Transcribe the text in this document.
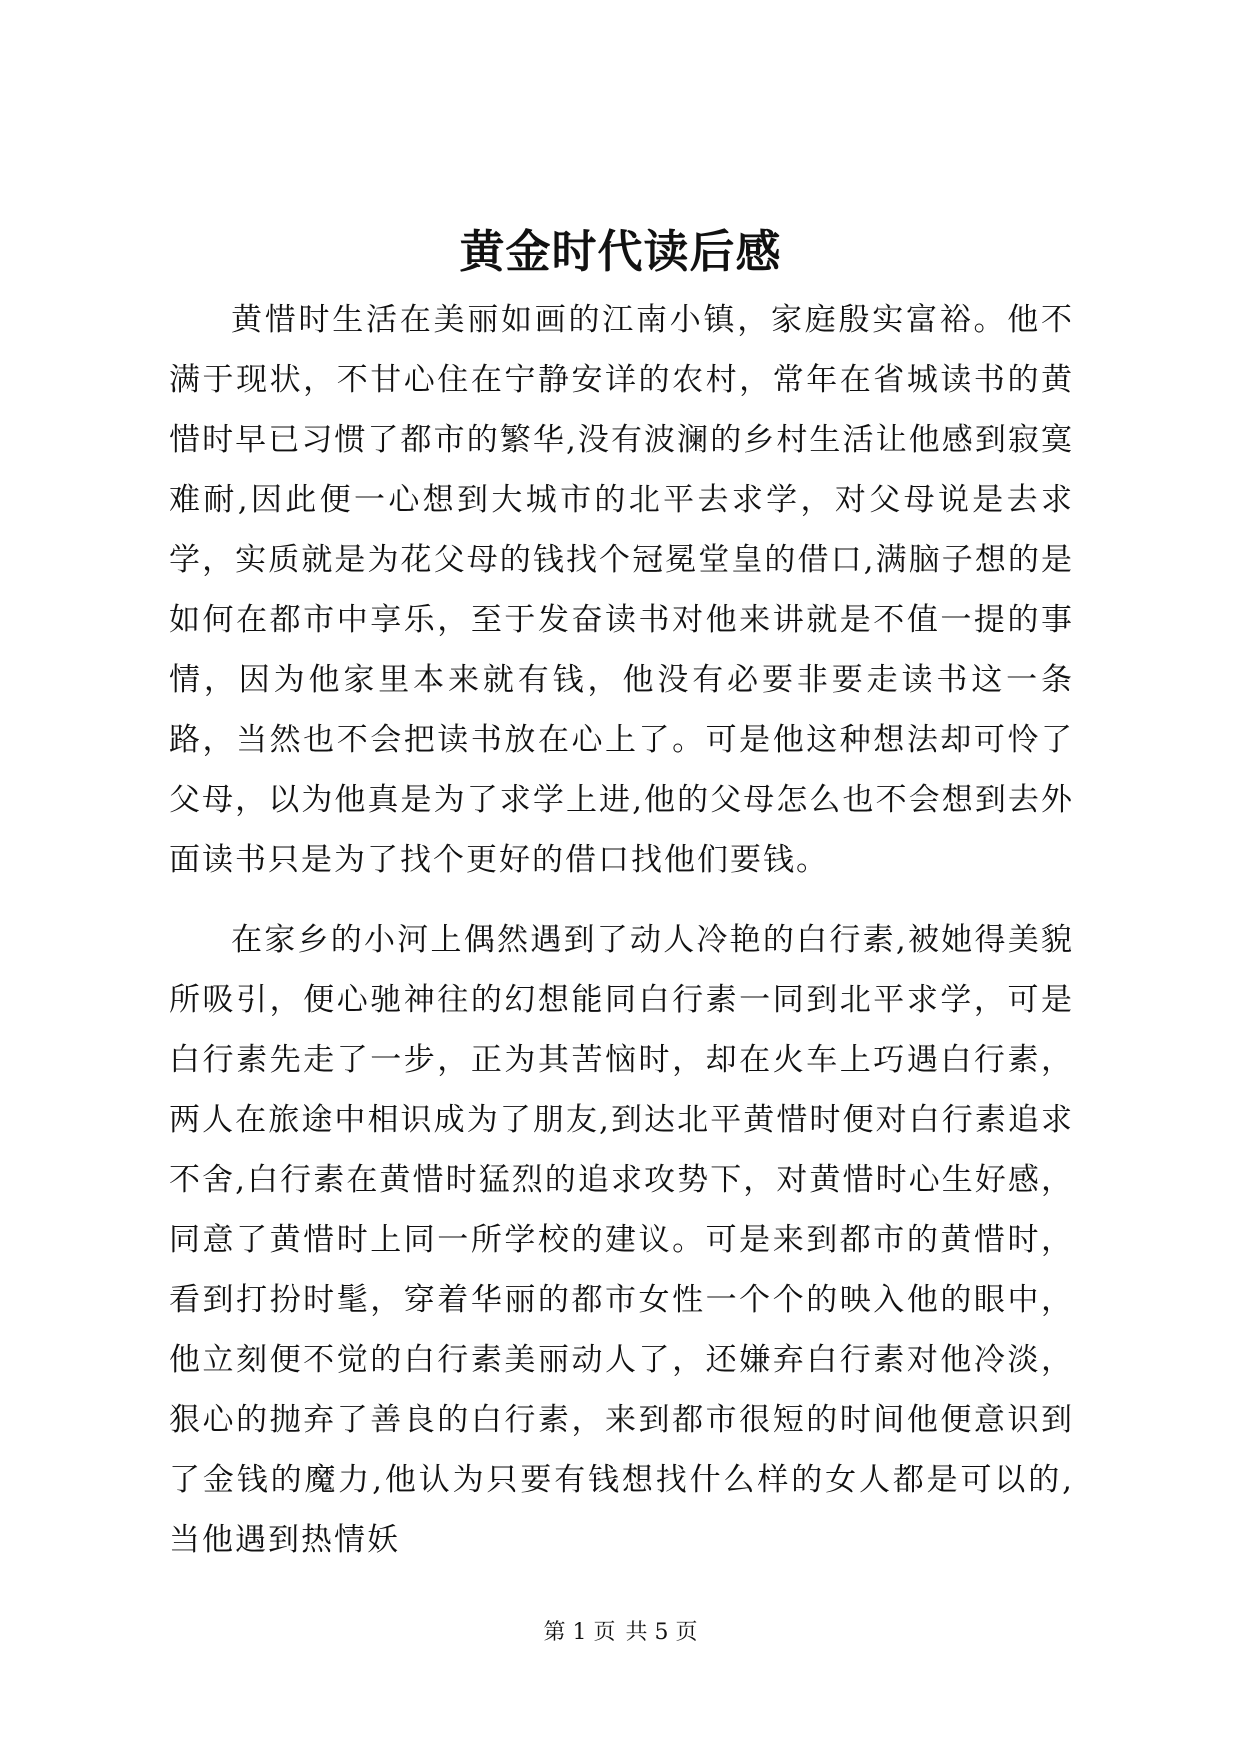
黄金时代读后感

黄惜时生活在美丽如画的江南小镇，家庭殷实富裕。他不满于现状，不甘心住在宁静安详的农村，常年在省城读书的黄惜时早已习惯了都市的繁华,没有波澜的乡村生活让他感到寂寞难耐,因此便一心想到大城市的北平去求学，对父母说是去求学，实质就是为花父母的钱找个冠冕堂皇的借口,满脑子想的是如何在都市中享乐，至于发奋读书对他来讲就是不值一提的事情，因为他家里本来就有钱，他没有必要非要走读书这一条路，当然也不会把读书放在心上了。可是他这种想法却可怜了父母，以为他真是为了求学上进,他的父母怎么也不会想到去外面读书只是为了找个更好的借口找他们要钱。

在家乡的小河上偶然遇到了动人冷艳的白行素,被她得美貌所吸引，便心驰神往的幻想能同白行素一同到北平求学，可是白行素先走了一步，正为其苦恼时，却在火车上巧遇白行素，两人在旅途中相识成为了朋友,到达北平黄惜时便对白行素追求不舍,白行素在黄惜时猛烈的追求攻势下，对黄惜时心生好感，同意了黄惜时上同一所学校的建议。可是来到都市的黄惜时，看到打扮时髦，穿着华丽的都市女性一个个的映入他的眼中，他立刻便不觉的白行素美丽动人了，还嫌弃白行素对他冷淡，狠心的抛弃了善良的白行素，来到都市很短的时间他便意识到了金钱的魔力,他认为只要有钱想找什么样的女人都是可以的,当他遇到热情妖

第 1 页 共 5 页
